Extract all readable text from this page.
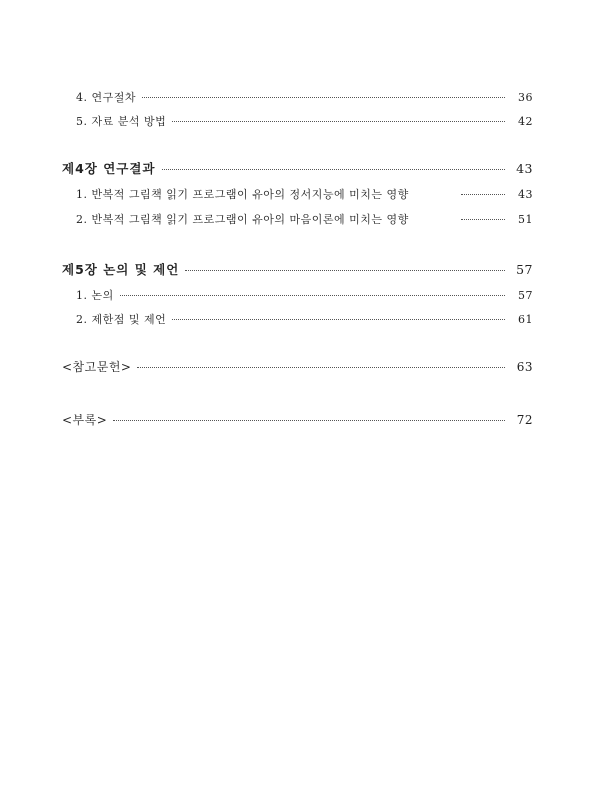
4. 연구절차	36
5. 자료 분석 방법	42
제4장 연구결과	43
1. 반복적 그림책 읽기 프로그램이 유아의 정서지능에 미치는 영향	43
2. 반복적 그림책 읽기 프로그램이 유아의 마음이론에 미치는 영향	51
제5장 논의 및 제언	57
1. 논의	57
2. 제한점 및 제언	61
<참고문헌>	63
<부록>	72
